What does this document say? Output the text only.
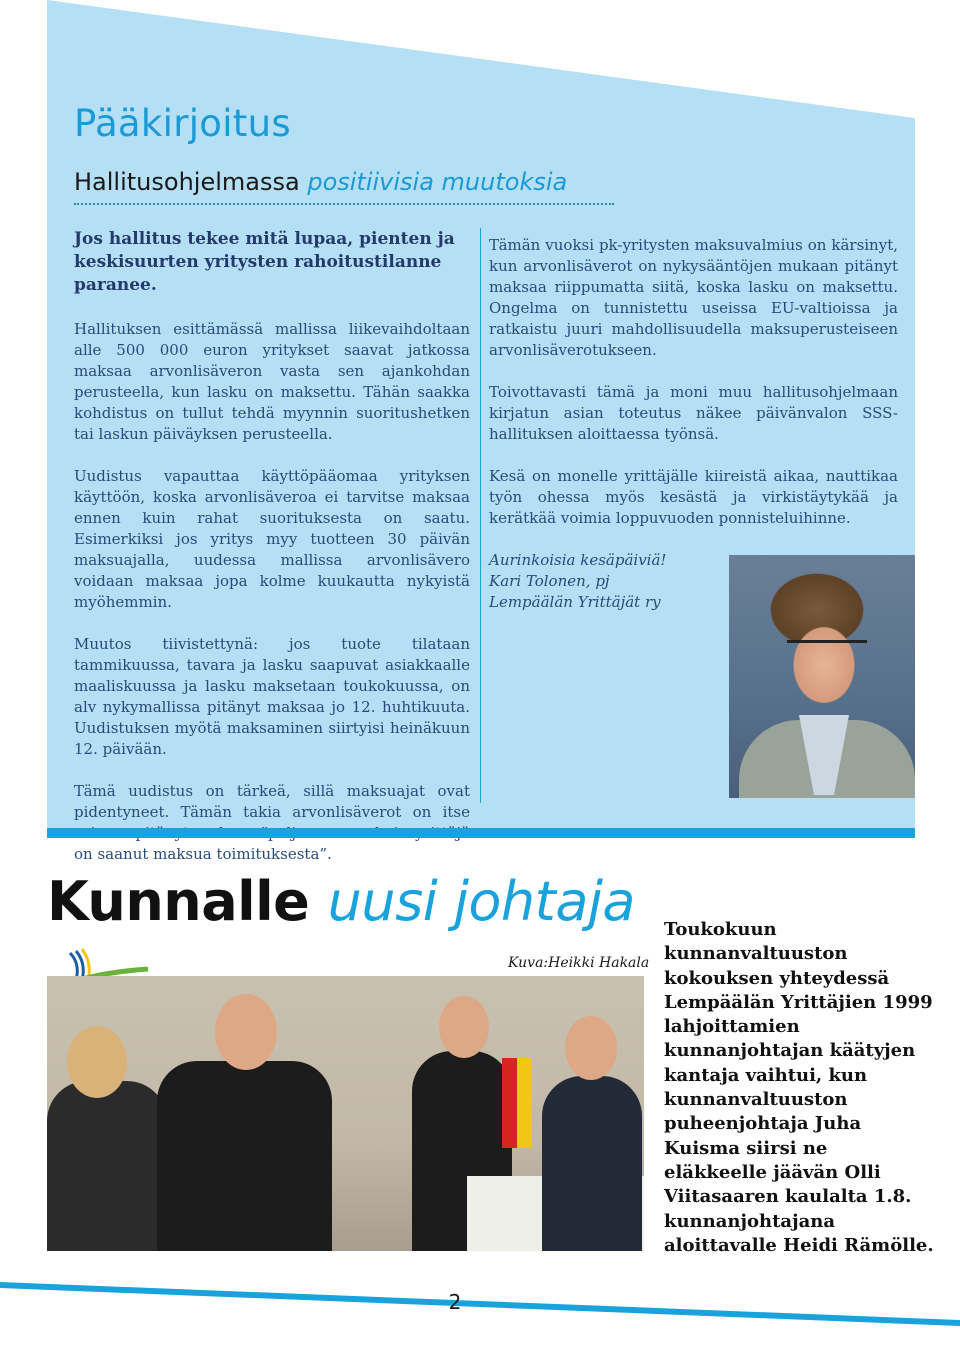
Pääkirjoitus
Hallitusohjelmassa positiivisia muutoksia

Jos hallitus tekee mitä lupaa, pienten ja keskisuurten yritysten rahoitustilanne paranee.

Hallituksen esittämässä mallissa liikevaihdoltaan alle 500 000 euron yritykset saavat jatkossa maksaa arvonlisäveron vasta sen ajankohdan perusteella, kun lasku on maksettu. Tähän saakka kohdistus on tullut tehdä myynnin suoritushetken tai laskun päiväyksen perusteella.

Uudistus vapauttaa käyttöpääomaa yrityksen käyttöön, koska arvonlisäveroa ei tarvitse maksaa ennen kuin rahat suorituksesta on saatu. Esimerkiksi jos yritys myy tuotteen 30 päivän maksuajalla, uudessa mallissa arvonlisävero voidaan maksaa jopa kolme kuukautta nykyistä myöhemmin.

Muutos tiivistettynä: jos tuote tilataan tammikuussa, tavara ja lasku saapuvat asiakkaalle maaliskuussa ja lasku maksetaan toukokuussa, on alv nykymallissa pitänyt maksaa jo 12. huhtikuuta. Uudistuksen myötä maksaminen siirtyisi heinäkuun 12. päivään.

Tämä uudistus on tärkeä, sillä maksuajat ovat pidentyneet. Tämän takia arvonlisäverot on itse on saanut maksua toimituksesta”.

Tämän vuoksi pk-yritysten maksuvalmius on kärsinyt, kun arvonlisäverot on nykysääntöjen mukaan pitänyt maksaa riippumatta siitä, koska lasku on maksettu. Ongelma on tunnistettu useissa EU-valtioissa ja ratkaistu juuri mahdollisuudella maksuperusteiseen arvonlisäverotukseen.

Toivottavasti tämä ja moni muu hallitusohjelmaan kirjatun asian toteutus näkee päivänvalon SSS-hallituksen aloittaessa työnsä.

Kesä on monelle yrittäjälle kiireistä aikaa, nauttikaa työn ohessa myös kesästä ja virkistäytykää ja kerätkää voimia loppuvuoden ponnisteluihinne.

Aurinkoisia kesäpäiviä!
Kari Tolonen, pj
Lempäälän Yrittäjät ry
Kunnalle uusi johtaja
Kuva:Heikki Hakala

Toukokuun kunnanvaltuuston kokouksen yhteydessä Lempäälän Yrittäjien 1999 lahjoittamien kunnanjohtajan käätyjen kantaja vaihtui, kun kunnanvaltuuston puheenjohtaja Juha Kuisma siirsi ne eläkkeelle jäävän Olli Viitasaaren kaulalta 1.8. kunnanjohtajana aloittavalle Heidi Rämölle.

2
